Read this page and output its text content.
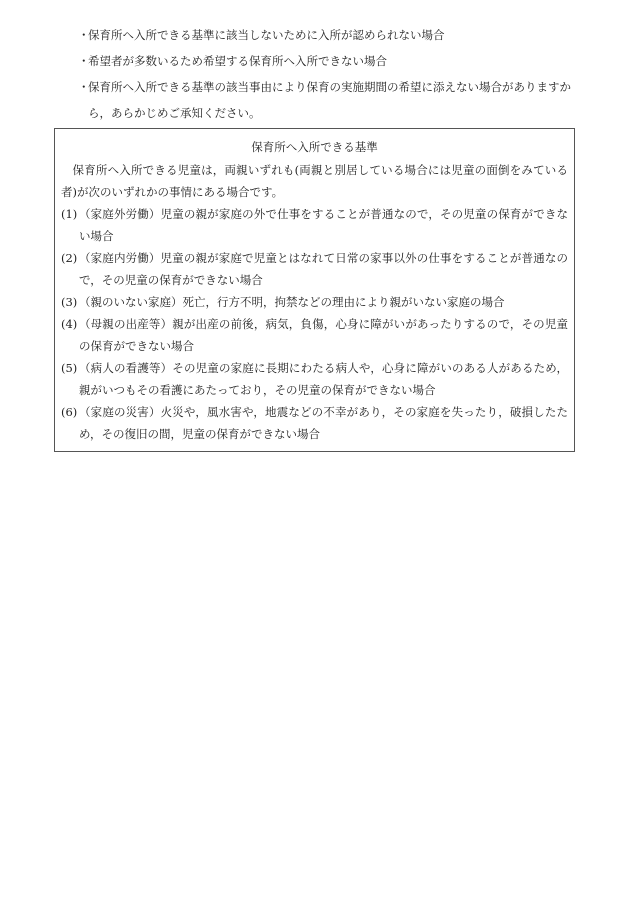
・
保育所へ入所できる基準に該当しないために入所が認められない場合
・
希望者が多数いるため希望する保育所へ入所できない場合
・
保育所へ入所できる基準の該当事由により保育の実施期間の希望に添えない場合がありますから，あらかじめご承知ください。
保育所へ入所できる基準
保育所へ入所できる児童は，両親いずれも(両親と別居している場合には児童の面倒をみている者)が次のいずれかの事情にある場合です。
(1) （家庭外労働）児童の親が家庭の外で仕事をすることが普通なので，その児童の保育ができない場合
(2) （家庭内労働）児童の親が家庭で児童とはなれて日常の家事以外の仕事をすることが普通なので，その児童の保育ができない場合
(3) （親のいない家庭）死亡，行方不明，拘禁などの理由により親がいない家庭の場合
(4) （母親の出産等）親が出産の前後，病気，負傷，心身に障がいがあったりするので，その児童の保育ができない場合
(5) （病人の看護等）その児童の家庭に長期にわたる病人や，心身に障がいのある人があるため，親がいつもその看護にあたっており，その児童の保育ができない場合
(6) （家庭の災害）火災や，風水害や，地震などの不幸があり，その家庭を失ったり，破損したため，その復旧の間，児童の保育ができない場合
